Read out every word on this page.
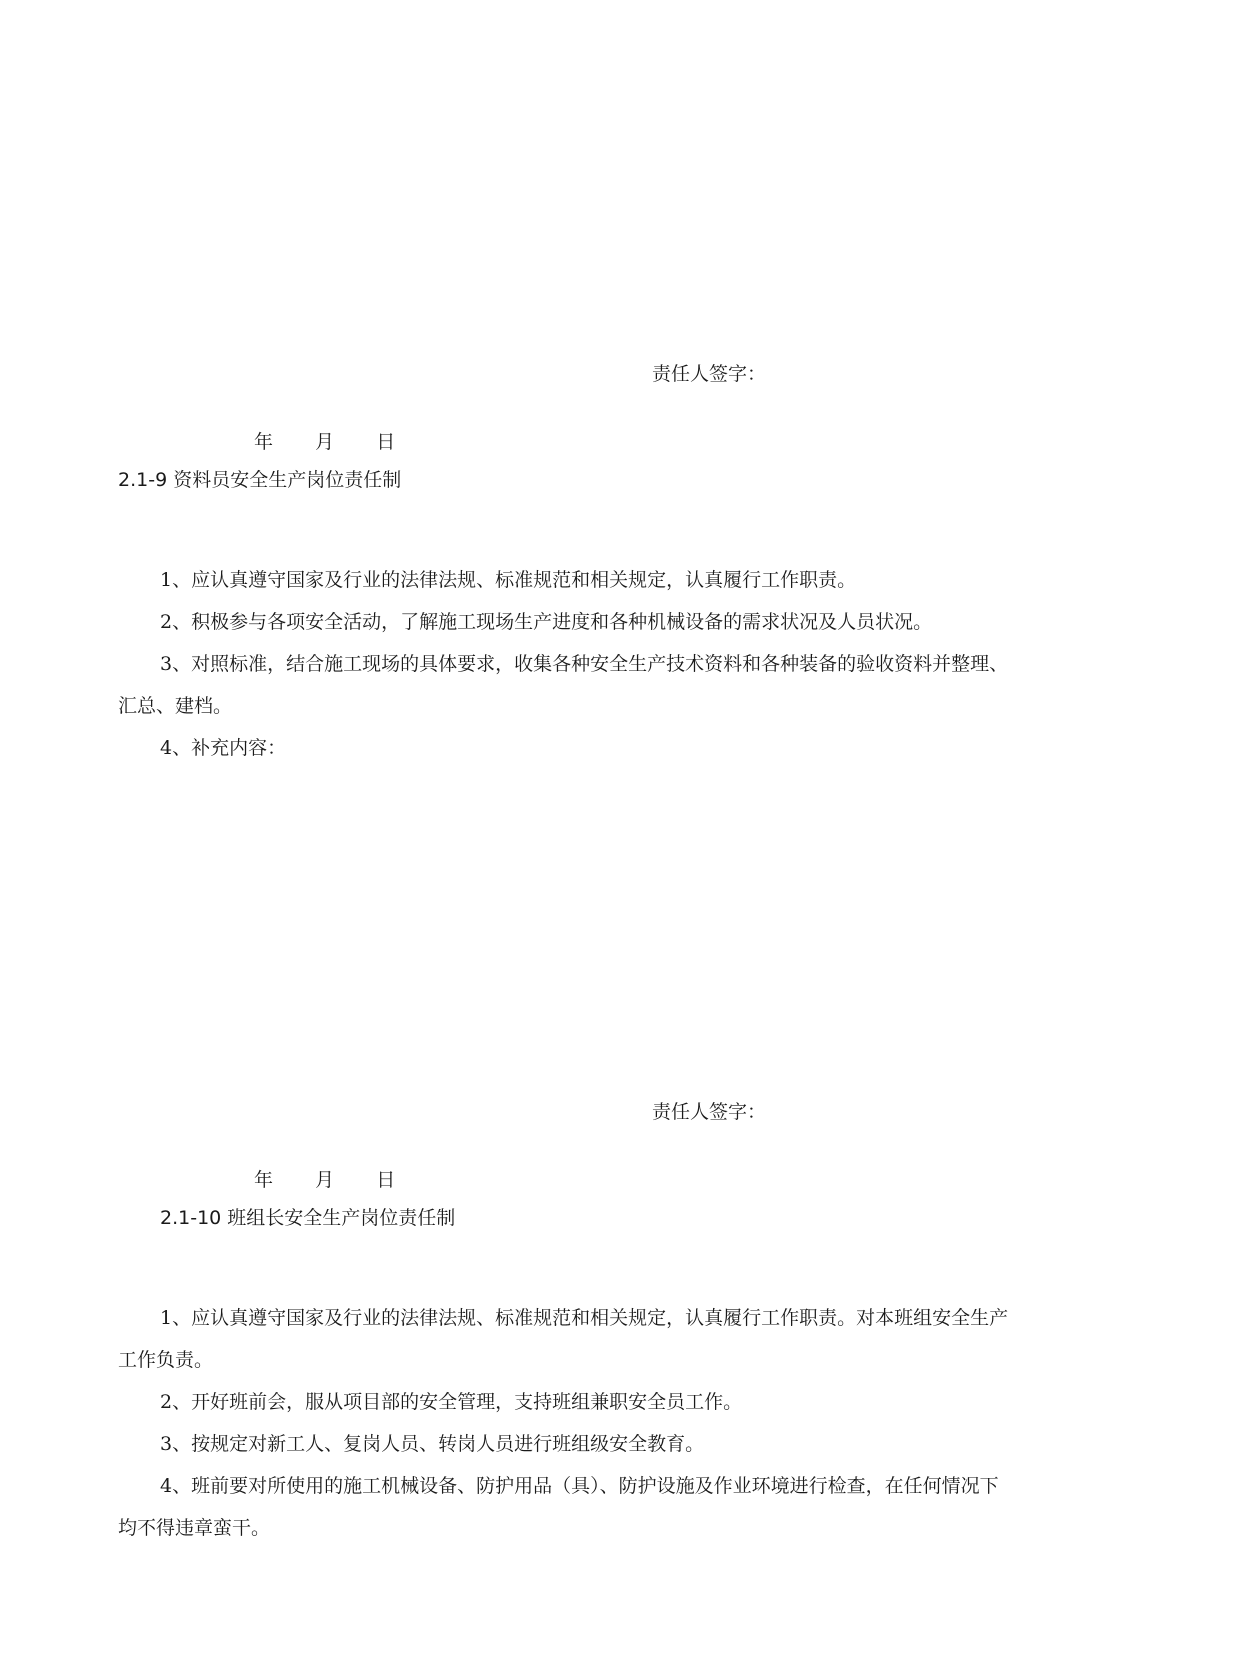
责任人签字：
年 月 日
2.1-9 资料员安全生产岗位责任制
1、应认真遵守国家及行业的法律法规、标准规范和相关规定，认真履行工作职责。
2、积极参与各项安全活动，了解施工现场生产进度和各种机械设备的需求状况及人员状况。
3、对照标准，结合施工现场的具体要求，收集各种安全生产技术资料和各种装备的验收资料并整理、
汇总、建档。
4、补充内容：
责任人签字：
年 月 日
2.1-10 班组长安全生产岗位责任制
1、应认真遵守国家及行业的法律法规、标准规范和相关规定，认真履行工作职责。对本班组安全生产
工作负责。
2、开好班前会，服从项目部的安全管理，支持班组兼职安全员工作。
3、按规定对新工人、复岗人员、转岗人员进行班组级安全教育。
4、班前要对所使用的施工机械设备、防护用品（具）、防护设施及作业环境进行检查，在任何情况下
均不得违章蛮干。
